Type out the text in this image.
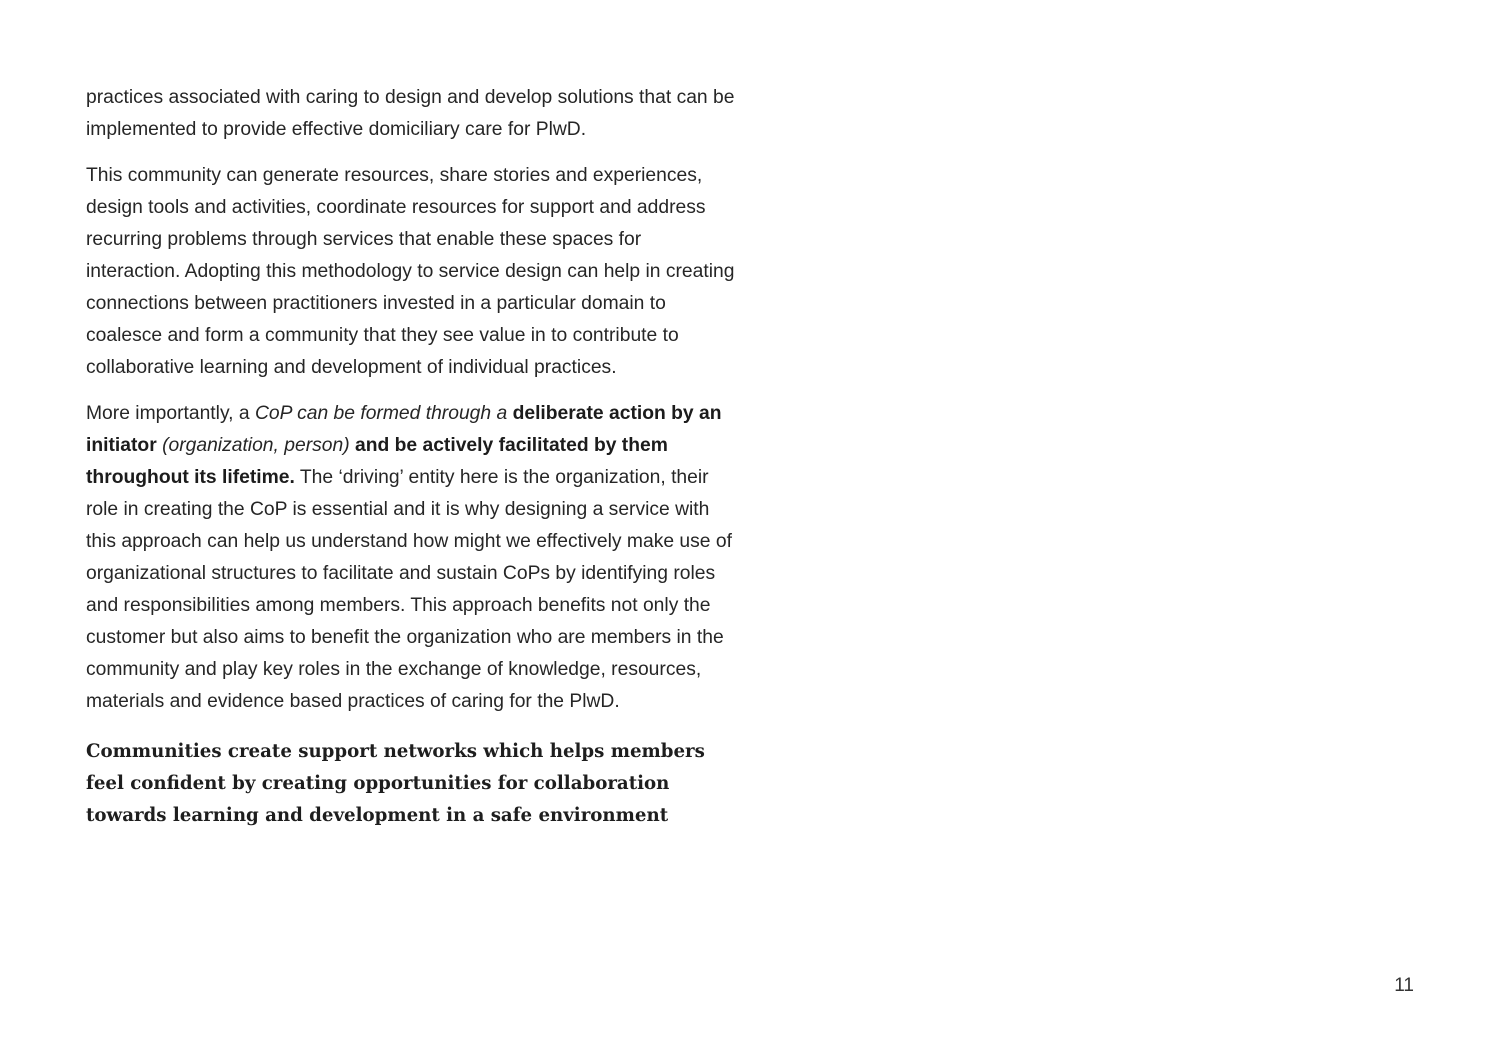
practices associated with caring to design and develop solutions that can be implemented to provide effective domiciliary care for PlwD.

This community can generate resources, share stories and experiences, design tools and activities, coordinate resources for support and address recurring problems through services that enable these spaces for interaction. Adopting this methodology to service design can help in creating connections between practitioners invested in a particular domain to coalesce and form a community that they see value in to contribute to collaborative learning and development of individual practices.

More importantly, a CoP can be formed through a deliberate action by an initiator (organization, person) and be actively facilitated by them throughout its lifetime. The ‘driving’ entity here is the organization, their role in creating the CoP is essential and it is why designing a service with this approach can help us understand how might we effectively make use of organizational structures to facilitate and sustain CoPs by identifying roles and responsibilities among members. This approach benefits not only the customer but also aims to benefit the organization who are members in the community and play key roles in the exchange of knowledge, resources, materials and evidence based practices of caring for the PlwD.

Communities create support networks which helps members feel confident by creating opportunities for collaboration towards learning and development in a safe environment

11
